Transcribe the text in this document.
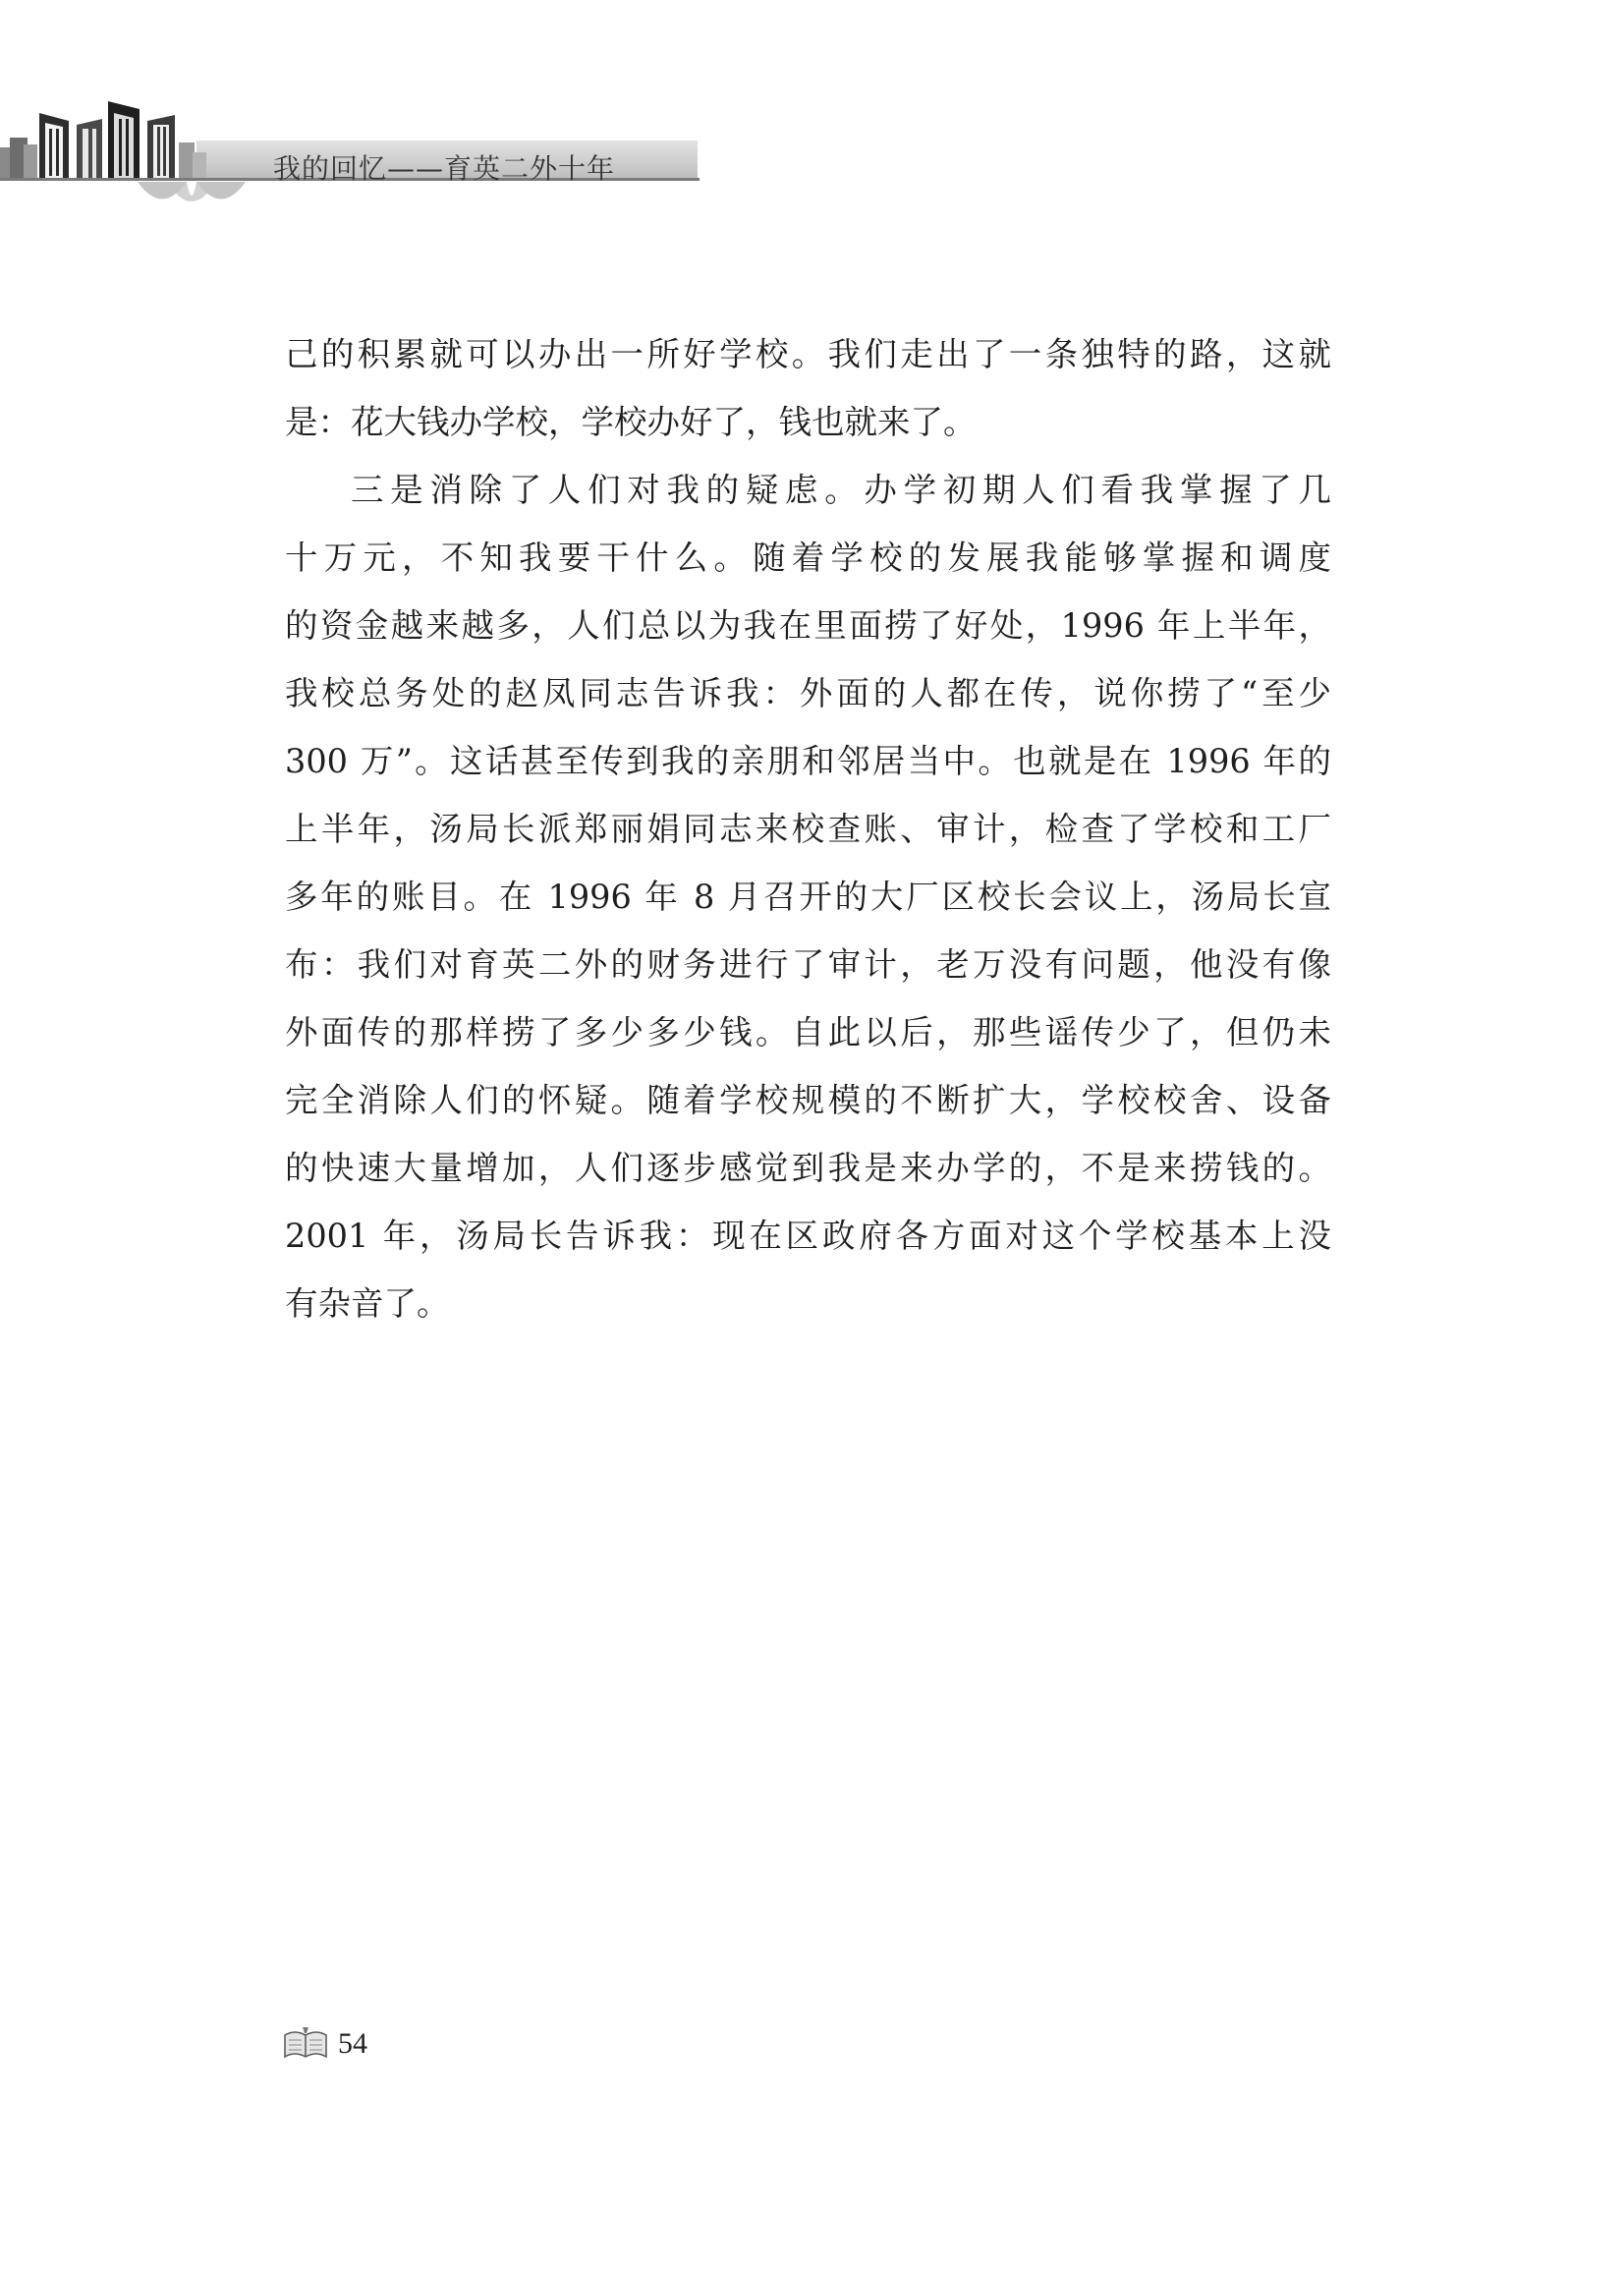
我的回忆——育英二外十年
己的积累就可以办出一所好学校。我们走出了一条独特的路，这就
是：花大钱办学校，学校办好了，钱也就来了。
三是消除了人们对我的疑虑。办学初期人们看我掌握了几
十万元，不知我要干什么。随着学校的发展我能够掌握和调度
的资金越来越多，人们总以为我在里面捞了好处，1996 年上半年，
我校总务处的赵凤同志告诉我：外面的人都在传，说你捞了“至少
300 万”。这话甚至传到我的亲朋和邻居当中。也就是在 1996 年的
上半年，汤局长派郑丽娟同志来校查账、审计，检查了学校和工厂
多年的账目。在 1996 年 8 月召开的大厂区校长会议上，汤局长宣
布：我们对育英二外的财务进行了审计，老万没有问题，他没有像
外面传的那样捞了多少多少钱。自此以后，那些谣传少了，但仍未
完全消除人们的怀疑。随着学校规模的不断扩大，学校校舍、设备
的快速大量增加，人们逐步感觉到我是来办学的，不是来捞钱的。
2001 年，汤局长告诉我：现在区政府各方面对这个学校基本上没
有杂音了。
54
